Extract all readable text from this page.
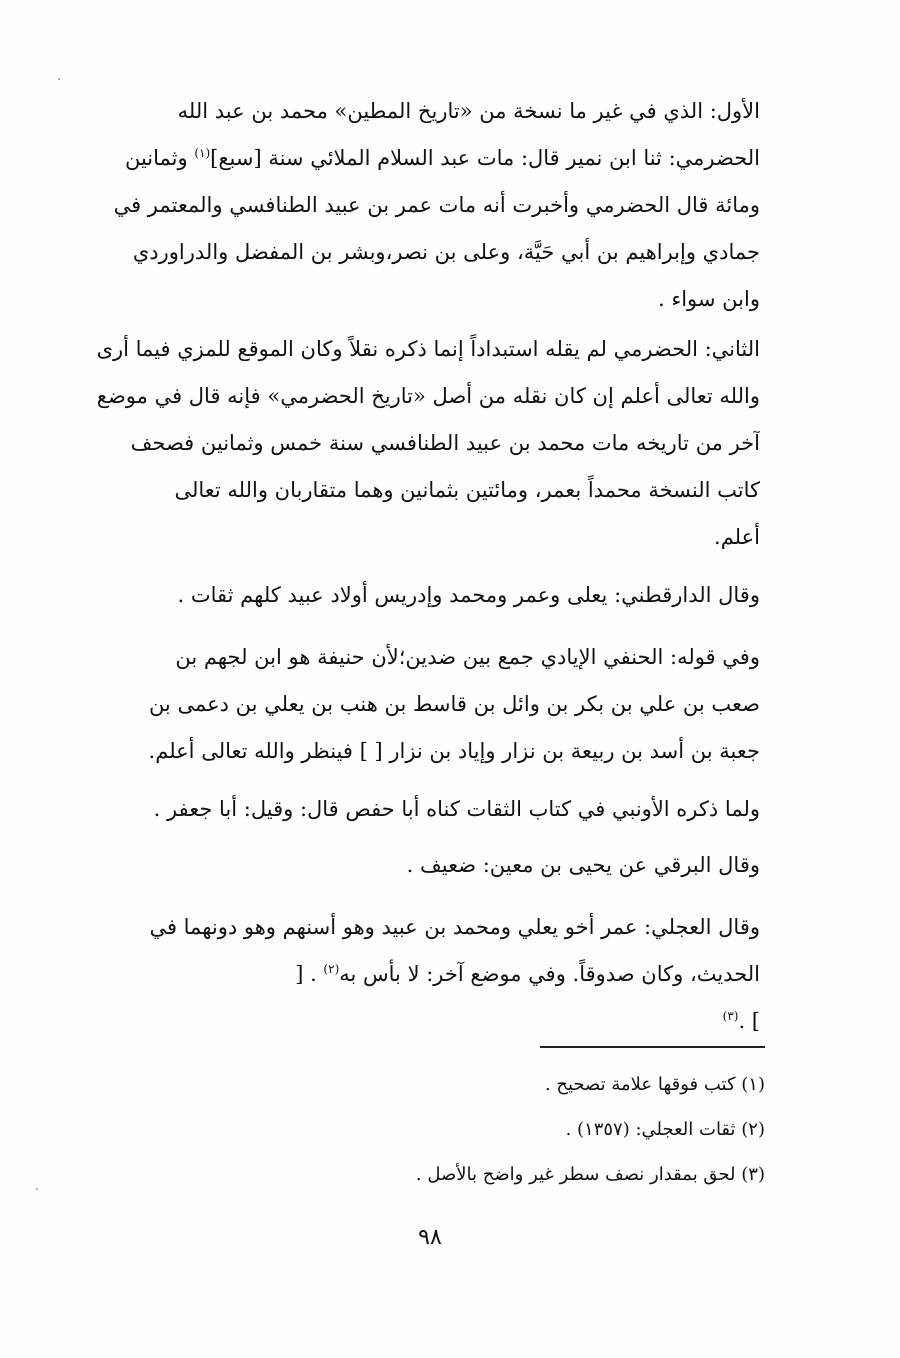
الأول: الذي في غير ما نسخة من «تاريخ المطين» محمد بن عبد الله
الحضرمي: ثنا ابن نمير قال: مات عبد السلام الملائي سنة [سبع]$^{(١)}$ وثمانين
ومائة قال الحضرمي وأخبرت أنه مات عمر بن عبيد الطنافسي والمعتمر في
جمادي وإبراهيم بن أبي حَيَّة، وعلى بن نصر،وبشر بن المفضل والدراوردي
وابن سواء .
الثاني: الحضرمي لم يقله استبداداً إنما ذكره نقلاً وكان الموقع للمزي فيما أرى
والله تعالى أعلم إن كان نقله من أصل «تاريخ الحضرمي» فإنه قال في موضع
آخر من تاريخه مات محمد بن عبيد الطنافسي سنة خمس وثمانين فصحف
كاتب النسخة محمداً بعمر، ومائتين بثمانين وهما متقاربان والله تعالى
أعلم.
وقال الدارقطني: يعلى وعمر ومحمد وإدريس أولاد عبيد كلهم ثقات .
وفي قوله: الحنفي الإيادي جمع بين ضدين؛لأن حنيفة هو ابن لجهم بن
صعب بن علي بن بكر بن وائل بن قاسط بن هنب بن يعلي بن دعمى بن
جعبة بن أسد بن ربيعة بن نزار وإياد بن نزار [ ] فينظر والله تعالى أعلم.
ولما ذكره الأونبي في كتاب الثقات كناه أبا حفص قال: وقيل: أبا جعفر .
وقال البرقي عن يحيى بن معين: ضعيف .
وقال العجلي: عمر أخو يعلي ومحمد بن عبيد وهو أسنهم وهو دونهما في
الحديث، وكان صدوقاً. وفي موضع آخر: لا بأس به$^{(٢)}$ . [
] .$^{(٣)}$
(١) كتب فوقها علامة تصحيح .
(٢) ثقات العجلي: (١٣٥٧) .
(٣) لحق بمقدار نصف سطر غير واضح بالأصل .
٩٨
